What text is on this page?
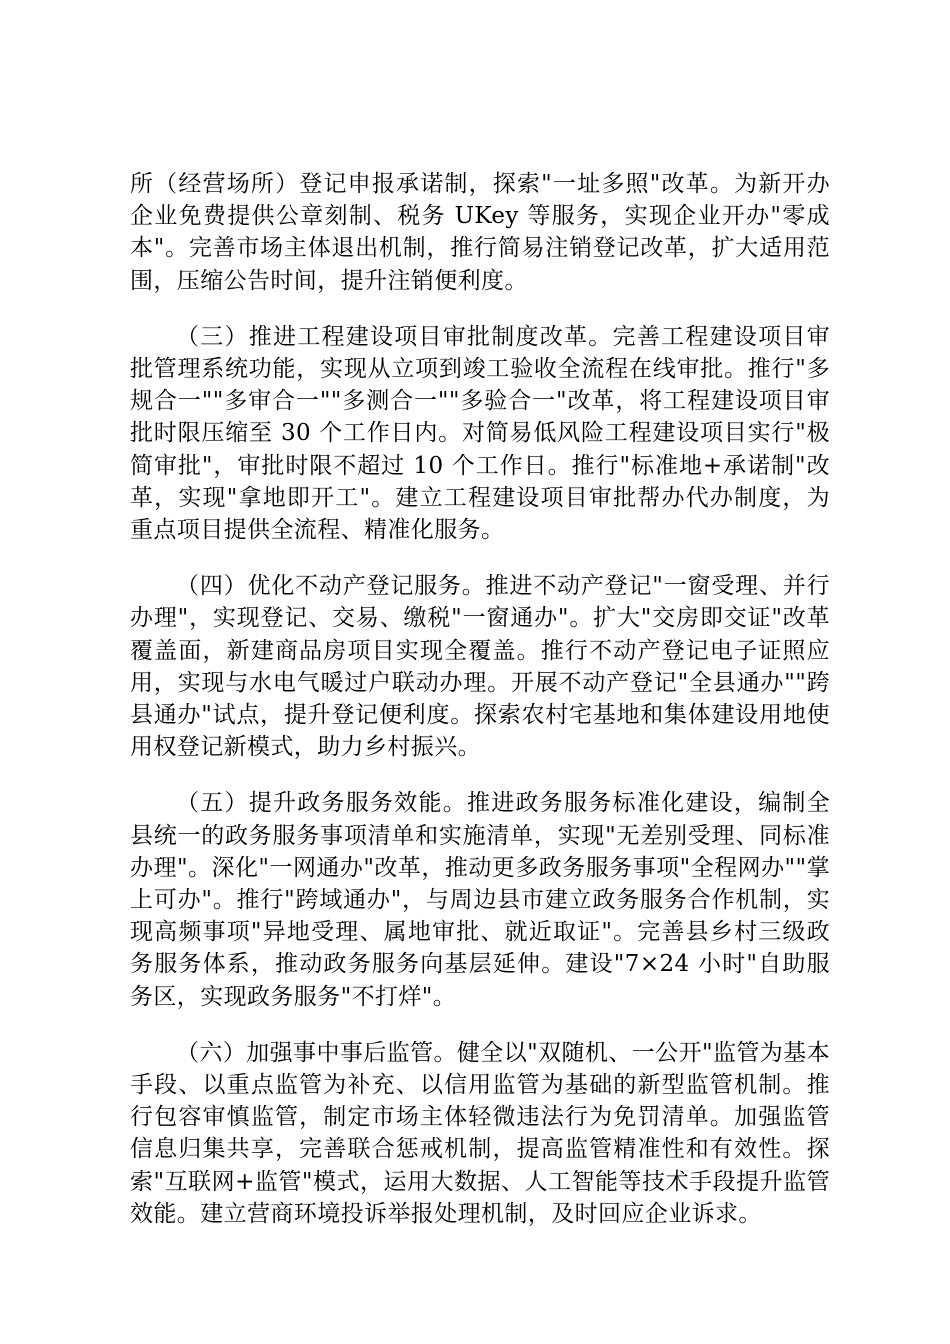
所（经营场所）登记申报承诺制，探索"一址多照"改革。为新开办企业免费提供公章刻制、税务 UKey 等服务，实现企业开办"零成本"。完善市场主体退出机制，推行简易注销登记改革，扩大适用范围，压缩公告时间，提升注销便利度。

（三）推进工程建设项目审批制度改革。完善工程建设项目审批管理系统功能，实现从立项到竣工验收全流程在线审批。推行"多规合一""多审合一""多测合一""多验合一"改革，将工程建设项目审批时限压缩至 30 个工作日内。对简易低风险工程建设项目实行"极简审批"，审批时限不超过 10 个工作日。推行"标准地+承诺制"改革，实现"拿地即开工"。建立工程建设项目审批帮办代办制度，为重点项目提供全流程、精准化服务。

（四）优化不动产登记服务。推进不动产登记"一窗受理、并行办理"，实现登记、交易、缴税"一窗通办"。扩大"交房即交证"改革覆盖面，新建商品房项目实现全覆盖。推行不动产登记电子证照应用，实现与水电气暖过户联动办理。开展不动产登记"全县通办""跨县通办"试点，提升登记便利度。探索农村宅基地和集体建设用地使用权登记新模式，助力乡村振兴。

（五）提升政务服务效能。推进政务服务标准化建设，编制全县统一的政务服务事项清单和实施清单，实现"无差别受理、同标准办理"。深化"一网通办"改革，推动更多政务服务事项"全程网办""掌上可办"。推行"跨域通办"，与周边县市建立政务服务合作机制，实现高频事项"异地受理、属地审批、就近取证"。完善县乡村三级政务服务体系，推动政务服务向基层延伸。建设"7×24 小时"自助服务区，实现政务服务"不打烊"。

（六）加强事中事后监管。健全以"双随机、一公开"监管为基本手段、以重点监管为补充、以信用监管为基础的新型监管机制。推行包容审慎监管，制定市场主体轻微违法行为免罚清单。加强监管信息归集共享，完善联合惩戒机制，提高监管精准性和有效性。探索"互联网+监管"模式，运用大数据、人工智能等技术手段提升监管效能。建立营商环境投诉举报处理机制，及时回应企业诉求。
